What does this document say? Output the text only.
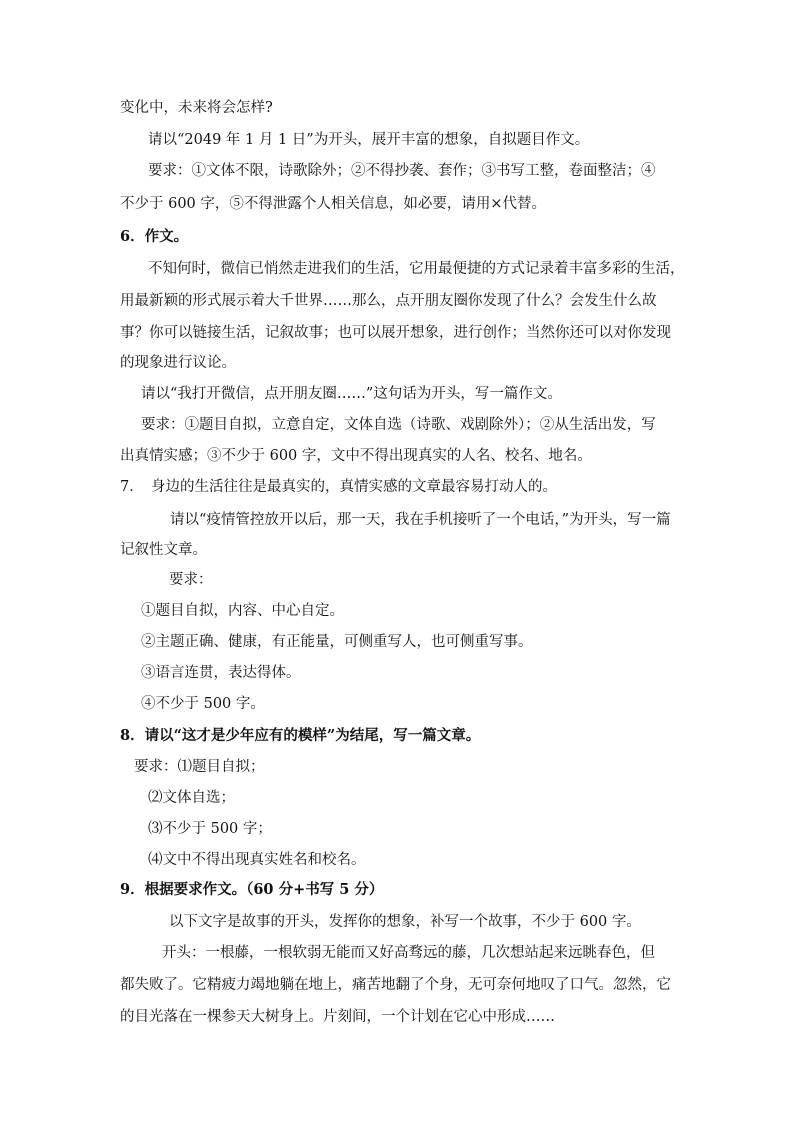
变化中，未来将会怎样?
请以“2049 年 1 月 1 日”为开头，展开丰富的想象，自拟题目作文。
要求：①文体不限，诗歌除外；②不得抄袭、套作；③书写工整，卷面整洁；④
不少于 600 字，⑤不得泄露个人相关信息，如必要，请用×代替。
6．作文。
不知何时，微信已悄然走进我们的生活，它用最便捷的方式记录着丰富多彩的生活，
用最新颖的形式展示着大千世界……那么，点开朋友圈你发现了什么？会发生什么故
事？你可以链接生活，记叙故事；也可以展开想象，进行创作；当然你还可以对你发现
的现象进行议论。
请以“我打开微信，点开朋友圈……”这句话为开头，写一篇作文。
要求：①题目自拟，立意自定，文体自选（诗歌、戏剧除外）；②从生活出发，写
出真情实感；③不少于 600 字，文中不得出现真实的人名、校名、地名。
7．　身边的生活往往是最真实的，真情实感的文章最容易打动人的。
请以“疫情管控放开以后，那一天，我在手机接听了一个电话，”为开头，写一篇
记叙性文章。
要求：
①题目自拟，内容、中心自定。
②主题正确、健康，有正能量，可侧重写人，也可侧重写事。
③语言连贯，表达得体。
④不少于 500 字。
8．请以“这才是少年应有的模样”为结尾，写一篇文章。
要求：⑴题目自拟；
⑵文体自选；
⑶不少于 500 字；
⑷文中不得出现真实姓名和校名。
9．根据要求作文。（60 分+书写 5 分）
以下文字是故事的开头，发挥你的想象，补写一个故事，不少于 600 字。
开头：一根藤，一根软弱无能而又好高骛远的藤，几次想站起来远眺春色，但
都失败了。它精疲力竭地躺在地上，痛苦地翻了个身，无可奈何地叹了口气。忽然，它
的目光落在一棵参天大树身上。片刻间，一个计划在它心中形成……
